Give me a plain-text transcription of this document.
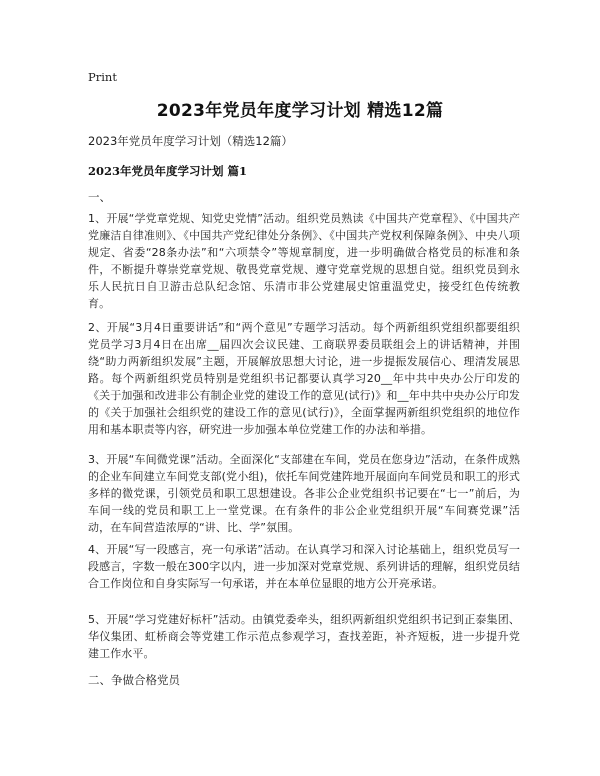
Print
2023年党员年度学习计划 精选12篇
2023年党员年度学习计划（精选12篇）
2023年党员年度学习计划 篇1
一、

1、开展“学党章党规、知党史党情”活动。组织党员熟读《中国共产党章程》、《中国共产党廉洁自律准则》、《中国共产党纪律处分条例》、《中国共产党权利保障条例》、中央八项规定、省委“28条办法”和“六项禁令”等规章制度，进一步明确做合格党员的标准和条件，不断提升尊崇党章党规、敬畏党章党规、遵守党章党规的思想自觉。组织党员到永乐人民抗日自卫游击总队纪念馆、乐清市非公党建展史馆重温党史，接受红色传统教育。

2、开展“3月4日重要讲话”和“两个意见”专题学习活动。每个两新组织党组织都要组织党员学习3月4日在出席__届四次会议民建、工商联界委员联组会上的讲话精神，并围绕“助力两新组织发展”主题，开展解放思想大讨论，进一步提振发展信心、理清发展思路。每个两新组织党员特别是党组织书记都要认真学习20__年中共中央办公厅印发的《关于加强和改进非公有制企业党的建设工作的意见(试行)》和__年中共中央办公厅印发的《关于加强社会组织党的建设工作的意见(试行)》，全面掌握两新组织党组织的地位作用和基本职责等内容，研究进一步加强本单位党建工作的办法和举措。

3、开展“车间微党课”活动。全面深化“支部建在车间，党员在您身边”活动，在条件成熟的企业车间建立车间党支部(党小组)，依托车间党建阵地开展面向车间党员和职工的形式多样的微党课，引领党员和职工思想建设。各非公企业党组织书记要在“七一”前后，为车间一线的党员和职工上一堂党课。在有条件的非公企业党组织开展“车间赛党课”活动，在车间营造浓厚的“讲、比、学”氛围。

4、开展“写一段感言，亮一句承诺”活动。在认真学习和深入讨论基础上，组织党员写一段感言，字数一般在300字以内，进一步加深对党章党规、系列讲话的理解，组织党员结合工作岗位和自身实际写一句承诺，并在本单位显眼的地方公开亮承诺。

5、开展“学习党建好标杆”活动。由镇党委牵头，组织两新组织党组织书记到正泰集团、华仪集团、虹桥商会等党建工作示范点参观学习，查找差距，补齐短板，进一步提升党建工作水平。

二、争做合格党员
